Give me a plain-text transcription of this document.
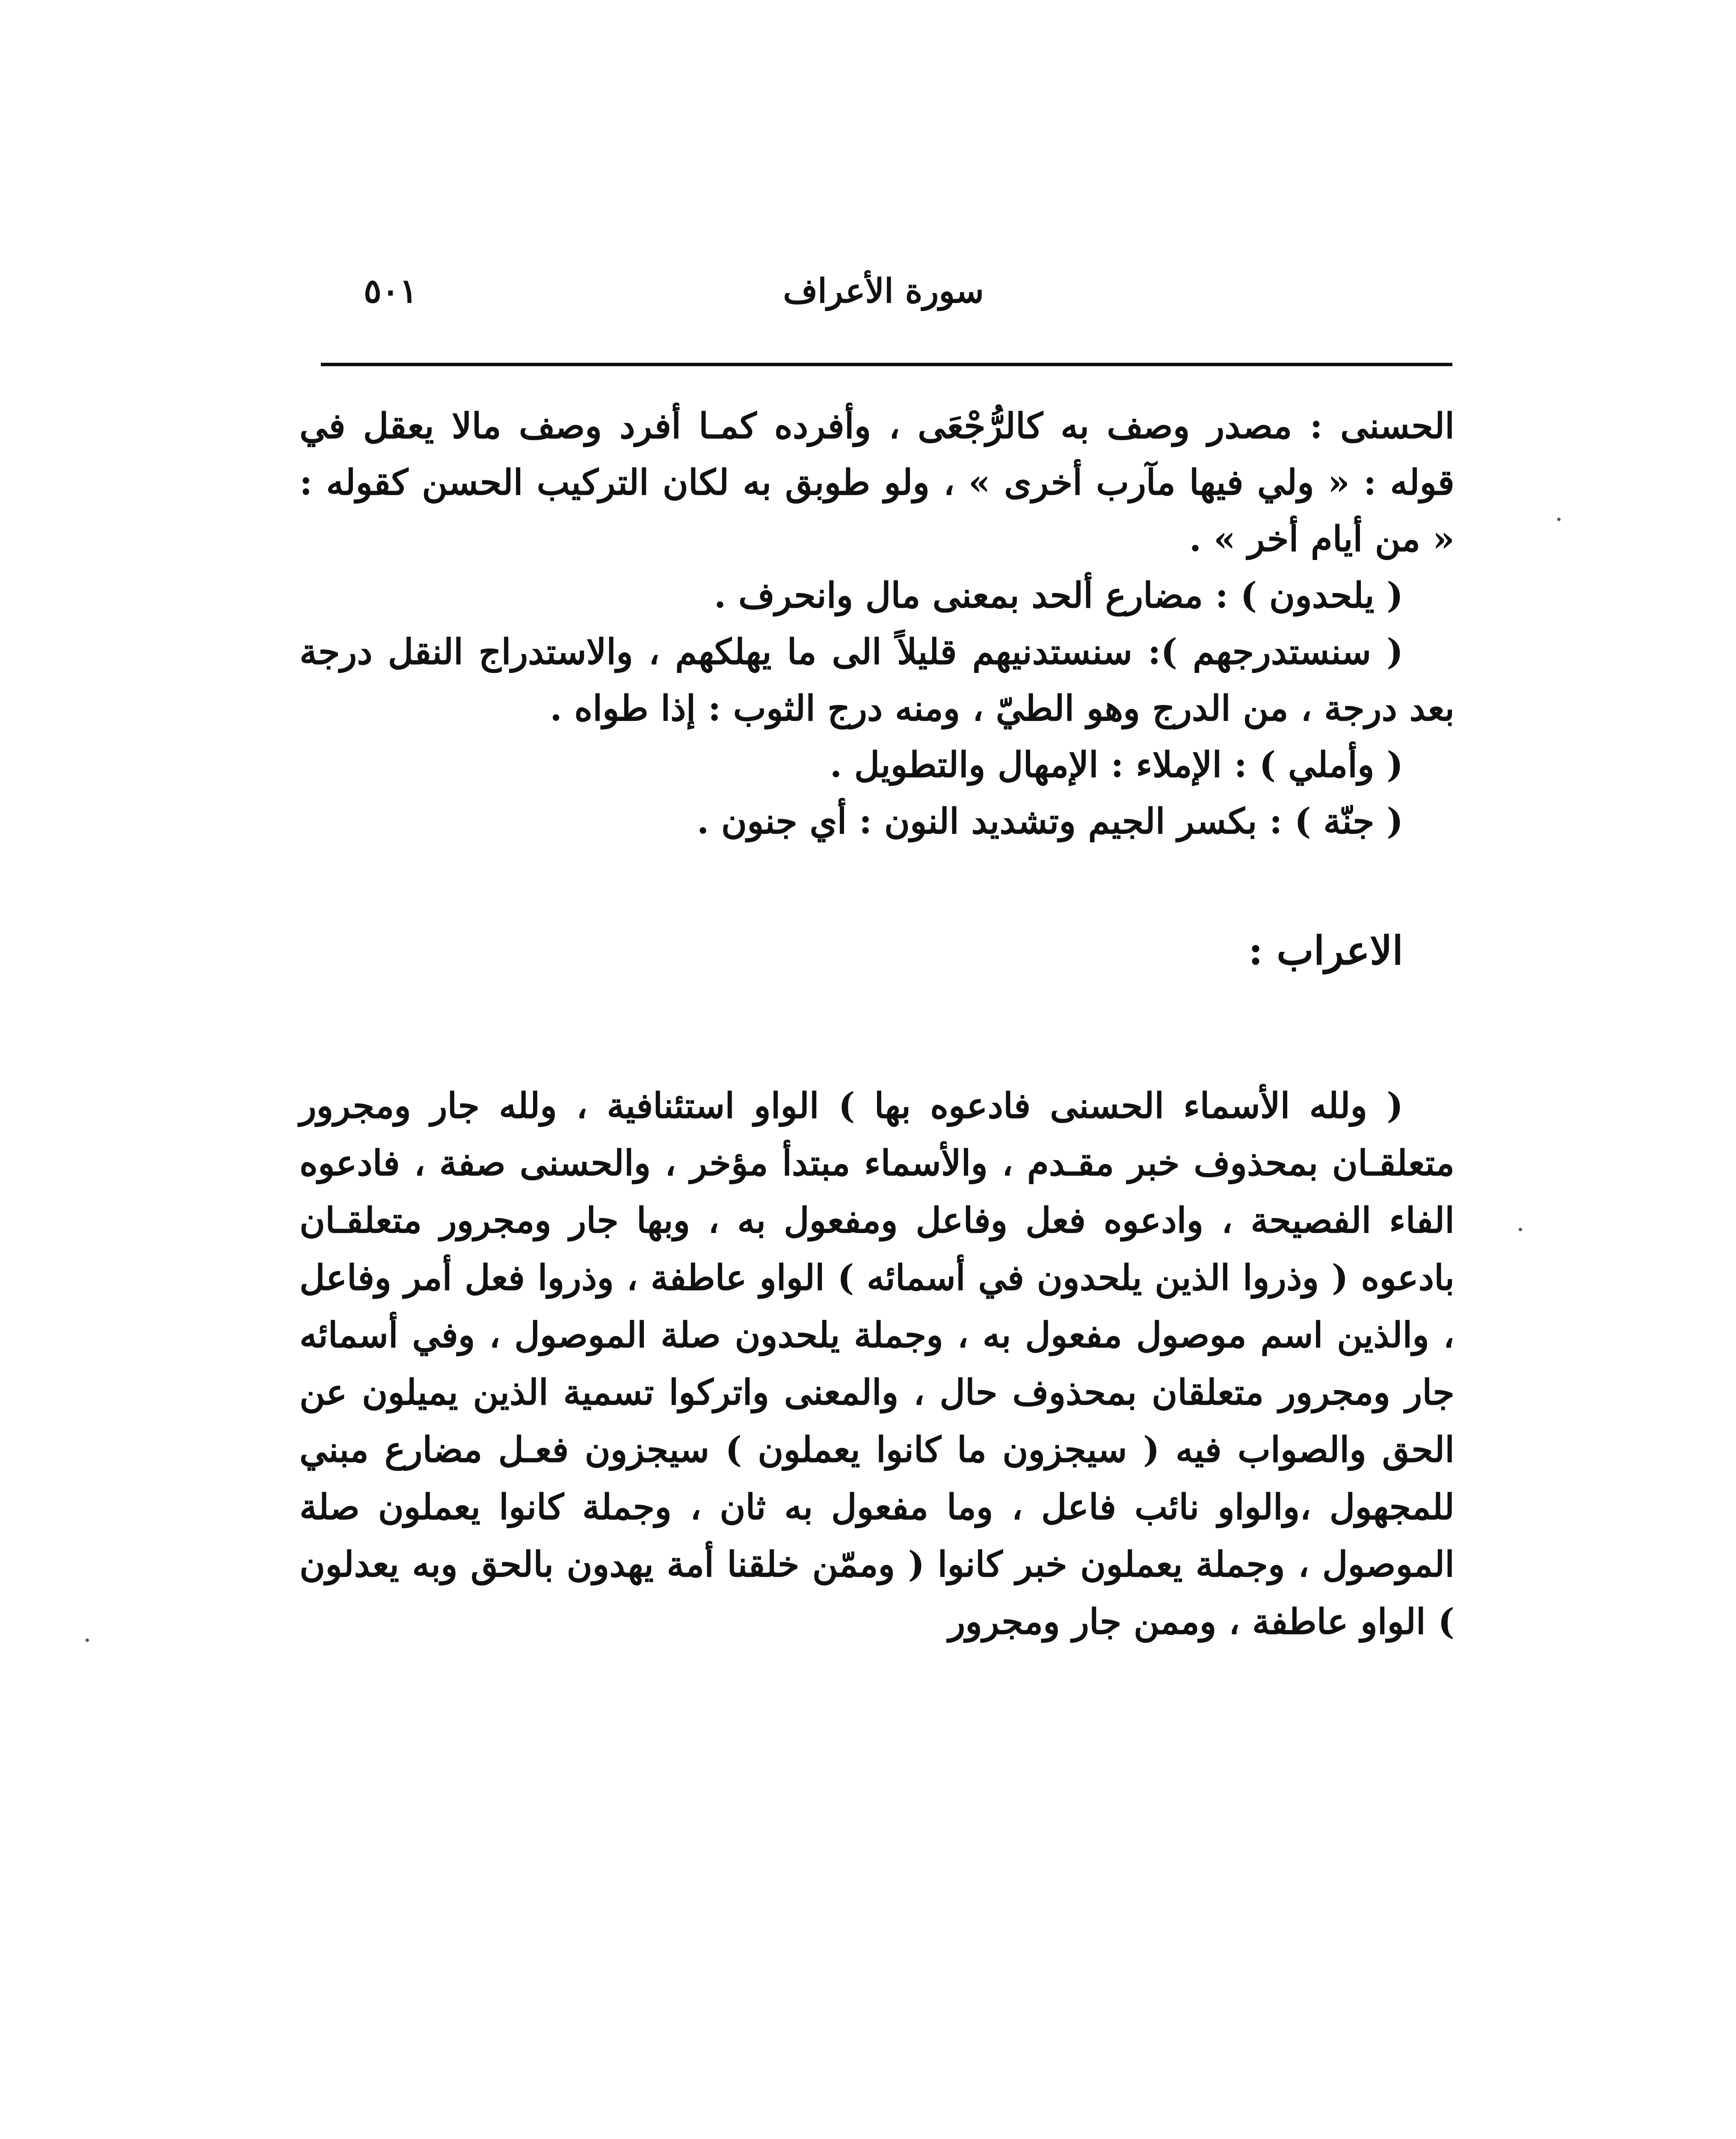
سورة الأعراف
٥٠١

الحسنى : مصدر وصف به كالرُّجْعَى ، وأفرده كمـا أفرد وصف مالا يعقل في قوله : « ولي فيها مآرب أخرى » ، ولو طوبق به لكان التركيب الحسن كقوله : « من أيام أخر » .

( يلحدون ) : مضارع ألحد بمعنى مال وانحرف .

( سنستدرجهم ): سنستدنيهم قليلاً الى ما يهلكهم ، والاستدراج النقل درجة بعد درجة ، من الدرج وهو الطيّ ، ومنه درج الثوب : إذا طواه .

( وأملي ) : الإملاء : الإمهال والتطويل .

( جنّة ) : بكسر الجيم وتشديد النون : أي جنون .

الاعراب :

( ولله الأسماء الحسنى فادعوه بها ) الواو استئنافية ، ولله جار ومجرور متعلقـان بمحذوف خبر مقـدم ، والأسماء مبتدأ مؤخر ، والحسنى صفة ، فادعوه الفاء الفصيحة ، وادعوه فعل وفاعل ومفعول به ، وبها جار ومجرور متعلقـان بادعوه ( وذروا الذين يلحدون في أسمائه ) الواو عاطفة ، وذروا فعل أمر وفاعل ، والذين اسم موصول مفعول به ، وجملة يلحدون صلة الموصول ، وفي أسمائه جار ومجرور متعلقان بمحذوف حال ، والمعنى واتركوا تسمية الذين يميلون عن الحق والصواب فيه ( سيجزون ما كانوا يعملون ) سيجزون فعـل مضارع مبني للمجهول ،والواو نائب فاعل ، وما مفعول به ثان ، وجملة كانوا يعملون صلة الموصول ، وجملة يعملون خبر كانوا ( وممّن خلقنا أمة يهدون بالحق وبه يعدلون ) الواو عاطفة ، وممن جار ومجرور
